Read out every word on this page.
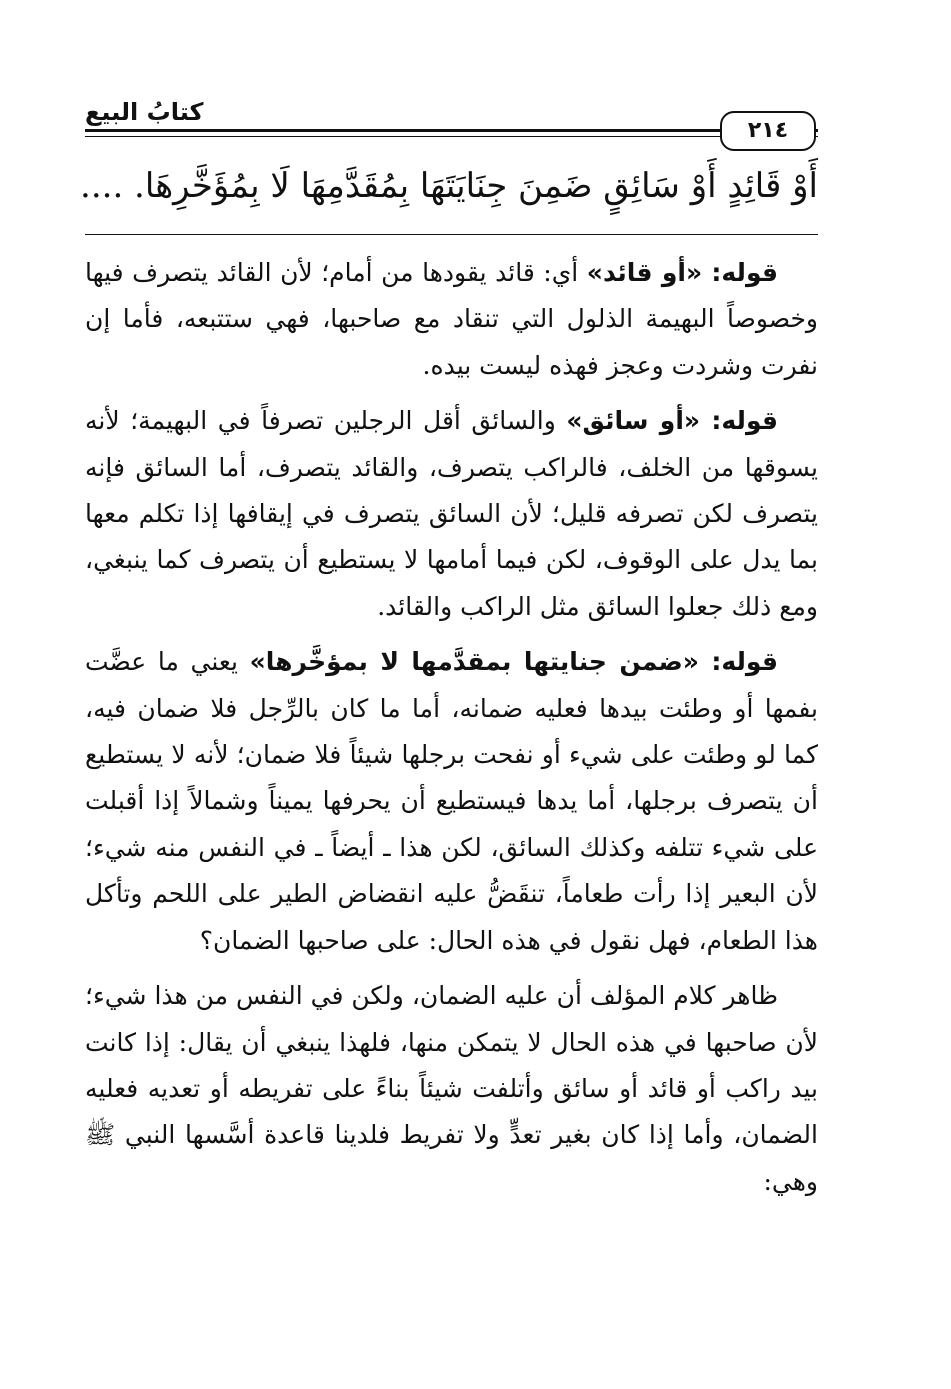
كتابُ البيع
٢١٤
أَوْ قَائِدٍ أَوْ سَائِقٍ ضَمِنَ جِنَايَتَهَا بِمُقَدَّمِهَا لَا بِمُؤَخَّرِهَا. ....

قوله: «أو قائد» أي: قائد يقودها من أمام؛ لأن القائد يتصرف فيها وخصوصاً البهيمة الذلول التي تنقاد مع صاحبها، فهي ستتبعه، فأما إن نفرت وشردت وعجز فهذه ليست بيده.

قوله: «أو سائق» والسائق أقل الرجلين تصرفاً في البهيمة؛ لأنه يسوقها من الخلف، فالراكب يتصرف، والقائد يتصرف، أما السائق فإنه يتصرف لكن تصرفه قليل؛ لأن السائق يتصرف في إيقافها إذا تكلم معها بما يدل على الوقوف، لكن فيما أمامها لا يستطيع أن يتصرف كما ينبغي، ومع ذلك جعلوا السائق مثل الراكب والقائد.

قوله: «ضمن جنايتها بمقدَّمها لا بمؤخَّرها» يعني ما عضَّت بفمها أو وطئت بيدها فعليه ضمانه، أما ما كان بالرِّجل فلا ضمان فيه، كما لو وطئت على شيء أو نفحت برجلها شيئاً فلا ضمان؛ لأنه لا يستطيع أن يتصرف برجلها، أما يدها فيستطيع أن يحرفها يميناً وشمالاً إذا أقبلت على شيء تتلفه وكذلك السائق، لكن هذا ـ أيضاً ـ في النفس منه شيء؛ لأن البعير إذا رأت طعاماً، تنقَضُّ عليه انقضاض الطير على اللحم وتأكل هذا الطعام، فهل نقول في هذه الحال: على صاحبها الضمان؟

ظاهر كلام المؤلف أن عليه الضمان، ولكن في النفس من هذا شيء؛ لأن صاحبها في هذه الحال لا يتمكن منها، فلهذا ينبغي أن يقال: إذا كانت بيد راكب أو قائد أو سائق وأتلفت شيئاً بناءً على تفريطه أو تعديه فعليه الضمان، وأما إذا كان بغير تعدٍّ ولا تفريط فلدينا قاعدة أسَّسها النبي ﷺ وهي:
